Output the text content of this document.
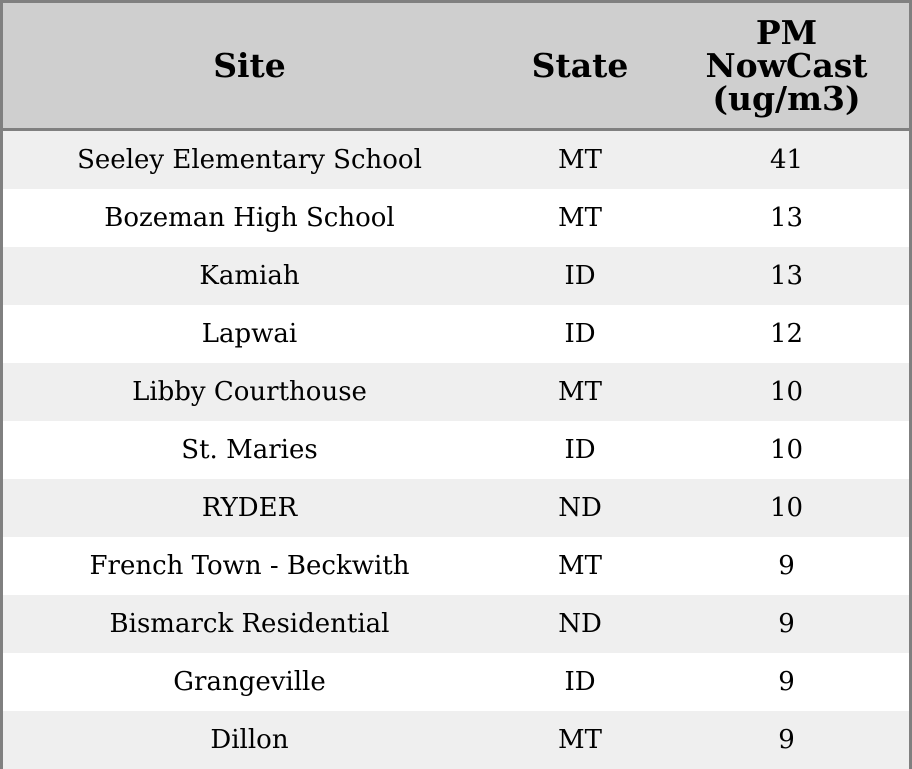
Site	State	PM
NowCast
(ug/m3)

Seeley Elementary School	MT	41
Bozeman High School	MT	13
Kamiah	ID	13
Lapwai	ID	12
Libby Courthouse	MT	10
St. Maries	ID	10
RYDER	ND	10
French Town - Beckwith	MT	9
Bismarck Residential	ND	9
Grangeville	ID	9
Dillon	MT	9
